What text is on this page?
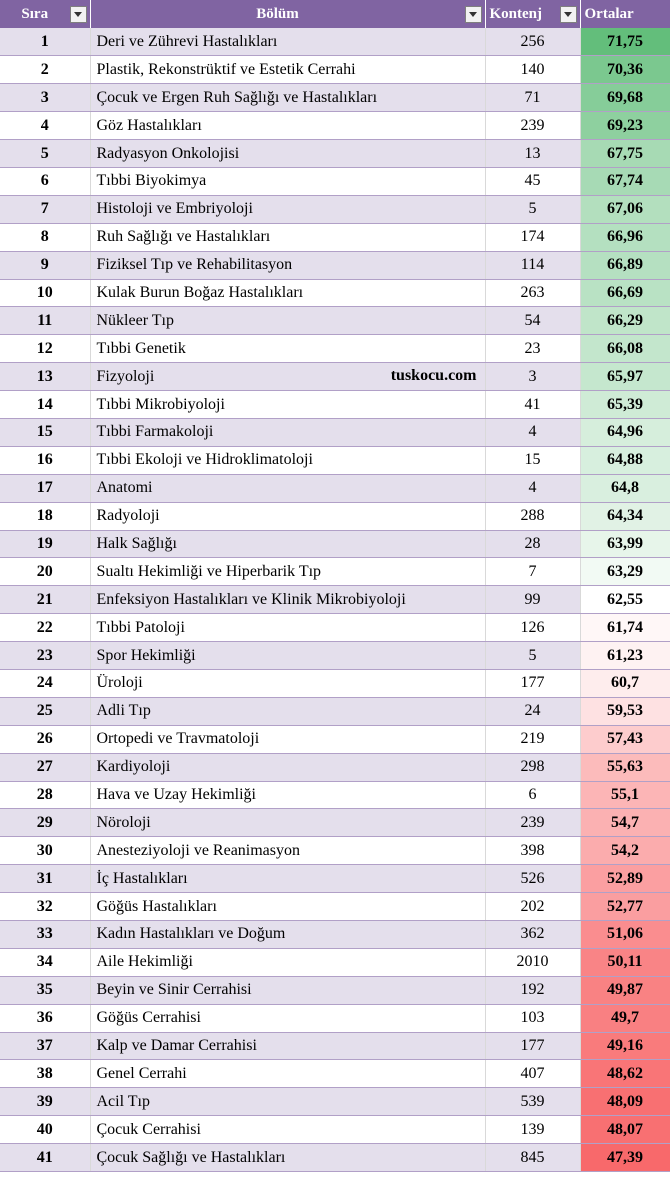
Sıra	Bölüm	Kontenj	Ortalar

1	Deri ve Zührevi Hastalıkları	256	71,75
2	Plastik, Rekonstrüktif ve Estetik Cerrahi	140	70,36
3	Çocuk ve Ergen Ruh Sağlığı ve Hastalıkları	71	69,68
4	Göz Hastalıkları	239	69,23
5	Radyasyon Onkolojisi	13	67,75
6	Tıbbi Biyokimya	45	67,74
7	Histoloji ve Embriyoloji	5	67,06
8	Ruh Sağlığı ve Hastalıkları	174	66,96
9	Fiziksel Tıp ve Rehabilitasyon	114	66,89
10	Kulak Burun Boğaz Hastalıkları	263	66,69
11	Nükleer Tıp	54	66,29
12	Tıbbi Genetik	23	66,08
13	Fizyoloji tuskocu.com	3	65,97
14	Tıbbi Mikrobiyoloji	41	65,39
15	Tıbbi Farmakoloji	4	64,96
16	Tıbbi Ekoloji ve Hidroklimatoloji	15	64,88
17	Anatomi	4	64,8
18	Radyoloji	288	64,34
19	Halk Sağlığı	28	63,99
20	Sualtı Hekimliği ve Hiperbarik Tıp	7	63,29
21	Enfeksiyon Hastalıkları ve Klinik Mikrobiyoloji	99	62,55
22	Tıbbi Patoloji	126	61,74
23	Spor Hekimliği	5	61,23
24	Üroloji	177	60,7
25	Adli Tıp	24	59,53
26	Ortopedi ve Travmatoloji	219	57,43
27	Kardiyoloji	298	55,63
28	Hava ve Uzay Hekimliği	6	55,1
29	Nöroloji	239	54,7
30	Anesteziyoloji ve Reanimasyon	398	54,2
31	İç Hastalıkları	526	52,89
32	Göğüs Hastalıkları	202	52,77
33	Kadın Hastalıkları ve Doğum	362	51,06
34	Aile Hekimliği	2010	50,11
35	Beyin ve Sinir Cerrahisi	192	49,87
36	Göğüs Cerrahisi	103	49,7
37	Kalp ve Damar Cerrahisi	177	49,16
38	Genel Cerrahi	407	48,62
39	Acil Tıp	539	48,09
40	Çocuk Cerrahisi	139	48,07
41	Çocuk Sağlığı ve Hastalıkları	845	47,39
